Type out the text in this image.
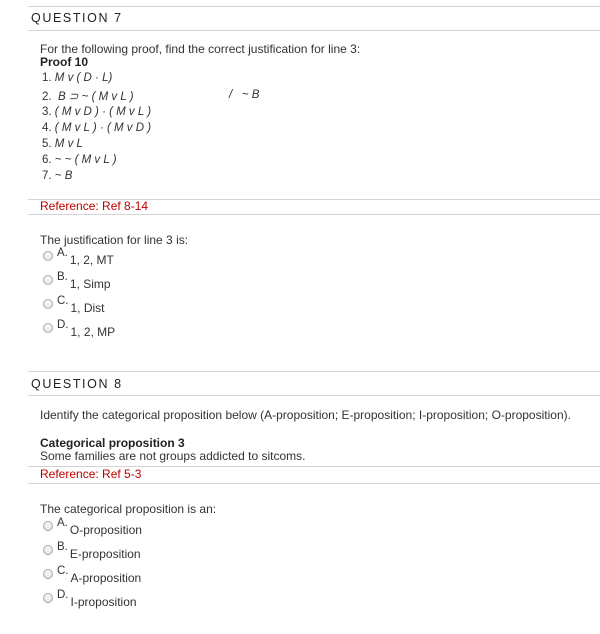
QUESTION 7
For the following proof, find the correct justification for line 3:
Proof 10
1. M v ( D · L)
2. B ⊃ ~ ( M v L )	/   ~ B
3. ( M v D ) · ( M v L )
4. ( M v L ) · ( M v D )
5. M v L
6. ~ ~ ( M v L )
7. ~ B
Reference: Ref 8-14
The justification for line 3 is:
A. 1, 2, MT
B. 1, Simp
C. 1, Dist
D. 1, 2, MP
QUESTION 8
Identify the categorical proposition below (A-proposition; E-proposition; I-proposition; O-proposition).
Categorical proposition 3
Some families are not groups addicted to sitcoms.
Reference: Ref 5-3
The categorical proposition is an:
A. O-proposition
B. E-proposition
C. A-proposition
D. I-proposition
